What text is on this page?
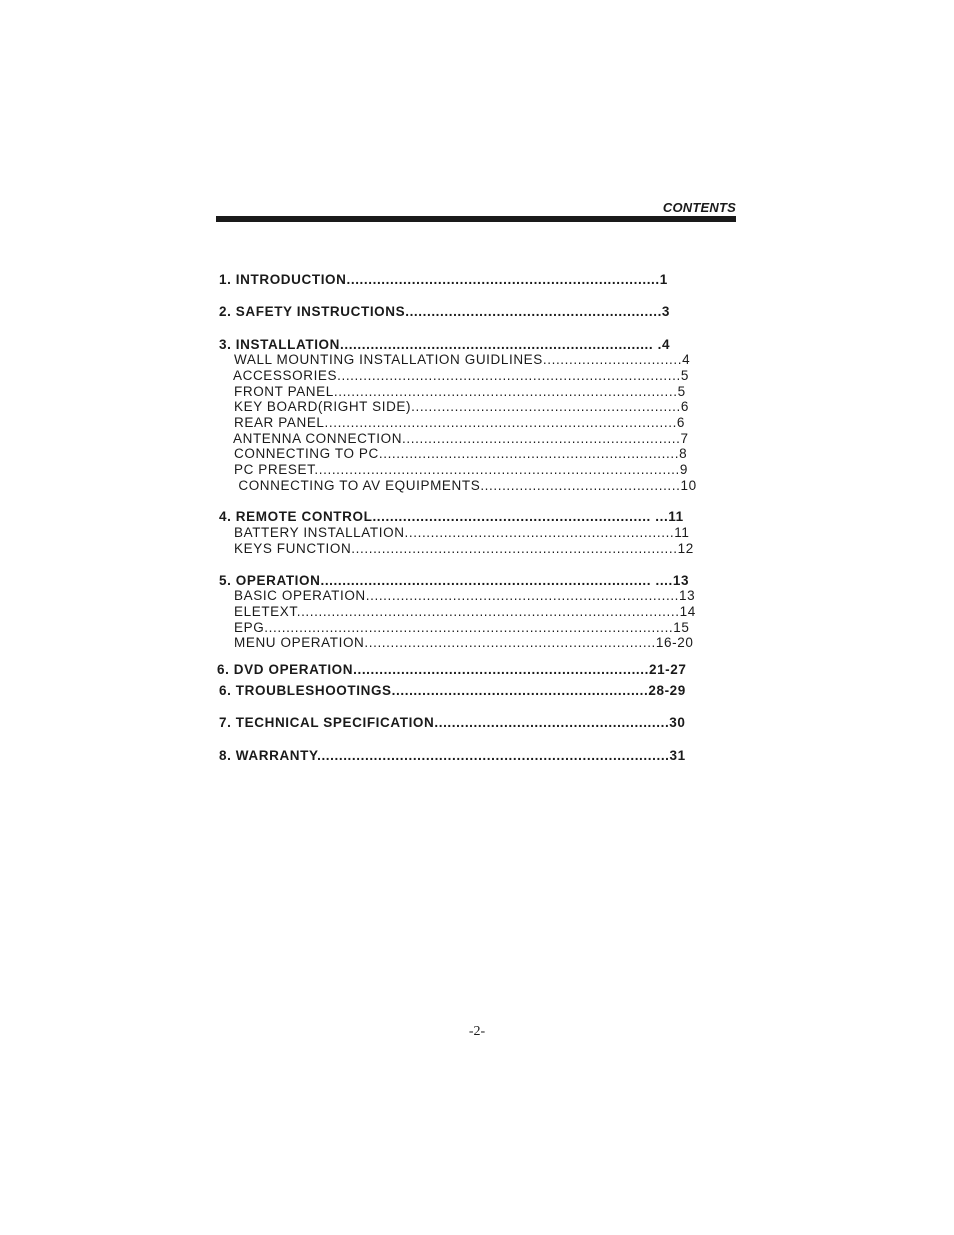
CONTENTS
1. INTRODUCTION........................................................................1
2. SAFETY INSTRUCTIONS...........................................................3
3. INSTALLATION........................................................................ .4
WALL MOUNTING INSTALLATION GUIDLINES................................4
ACCESSORIES...............................................................................5
FRONT PANEL...............................................................................5
KEY BOARD(RIGHT SIDE)..............................................................6
REAR PANEL.................................................................................6
ANTENNA CONNECTION................................................................7
CONNECTING TO PC.....................................................................8
PC PRESET....................................................................................9
CONNECTING TO AV EQUIPMENTS..............................................10
4. REMOTE CONTROL................................................................ ...11
BATTERY INSTALLATION..............................................................11
KEYS FUNCTION...........................................................................12
5. OPERATION............................................................................ ....13
BASIC OPERATION........................................................................13
ELETEXT........................................................................................14
EPG..............................................................................................15
MENU OPERATION...................................................................16-20
6. DVD OPERATION....................................................................21-27
6. TROUBLESHOOTINGS...........................................................28-29
7. TECHNICAL SPECIFICATION......................................................30
8. WARRANTY.................................................................................31
-2-
